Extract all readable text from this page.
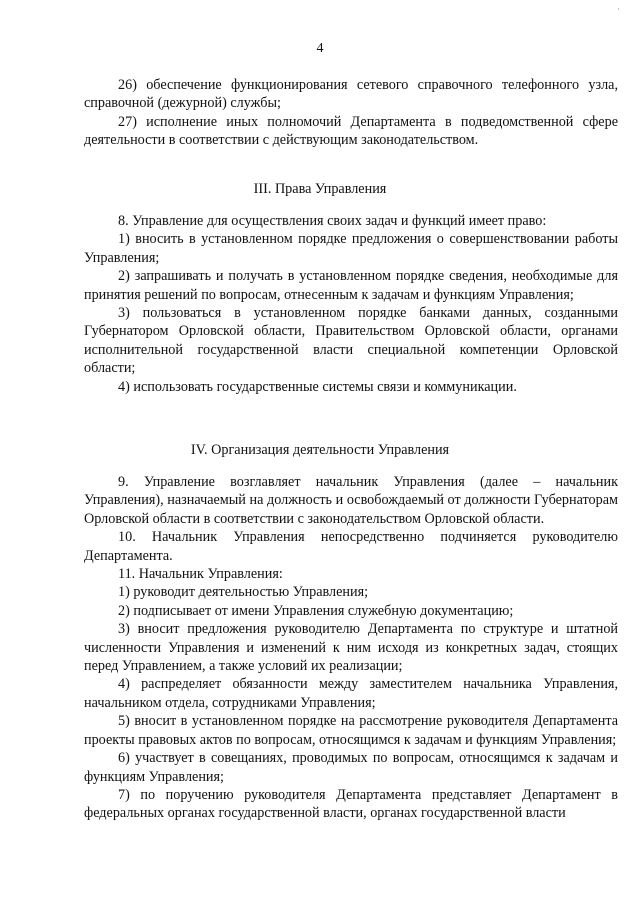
·
4

26) обеспечение функционирования сетевого справочного телефонного узла, справочной (дежурной) службы;

27) исполнение иных полномочий Департамента в подведомственной сфере деятельности в соответствии с действующим законодательством.

III. Права Управления

8. Управление для осуществления своих задач и функций имеет право:

1) вносить в установленном порядке предложения о совершенствовании работы Управления;

2) запрашивать и получать в установленном порядке сведения, необходимые для принятия решений по вопросам, отнесенным к задачам и функциям Управления;

3) пользоваться в установленном порядке банками данных, созданными Губернатором Орловской области, Правительством Орловской области, органами исполнительной государственной власти специальной компетенции Орловской области;

4) использовать государственные системы связи и коммуникации.

IV. Организация деятельности Управления

9. Управление возглавляет начальник Управления (далее – начальник Управления), назначаемый на должность и освобождаемый от должности Губернаторам Орловской области в соответствии с законодательством Орловской области.

10. Начальник Управления непосредственно подчиняется руководителю Департамента.

11. Начальник Управления:

1) руководит деятельностью Управления;

2) подписывает от имени Управления служебную документацию;

3) вносит предложения руководителю Департамента по структуре и штатной численности Управления и изменений к ним исходя из конкретных задач, стоящих перед Управлением, а также условий их реализации;

4) распределяет обязанности между заместителем начальника Управления, начальником отдела, сотрудниками Управления;

5) вносит в установленном порядке на рассмотрение руководителя Департамента проекты правовых актов по вопросам, относящимся к задачам и функциям Управления;

6) участвует в совещаниях, проводимых по вопросам, относящимся к задачам и функциям Управления;

7) по поручению руководителя Департамента представляет Департамент в федеральных органах государственной власти, органах государственной власти
